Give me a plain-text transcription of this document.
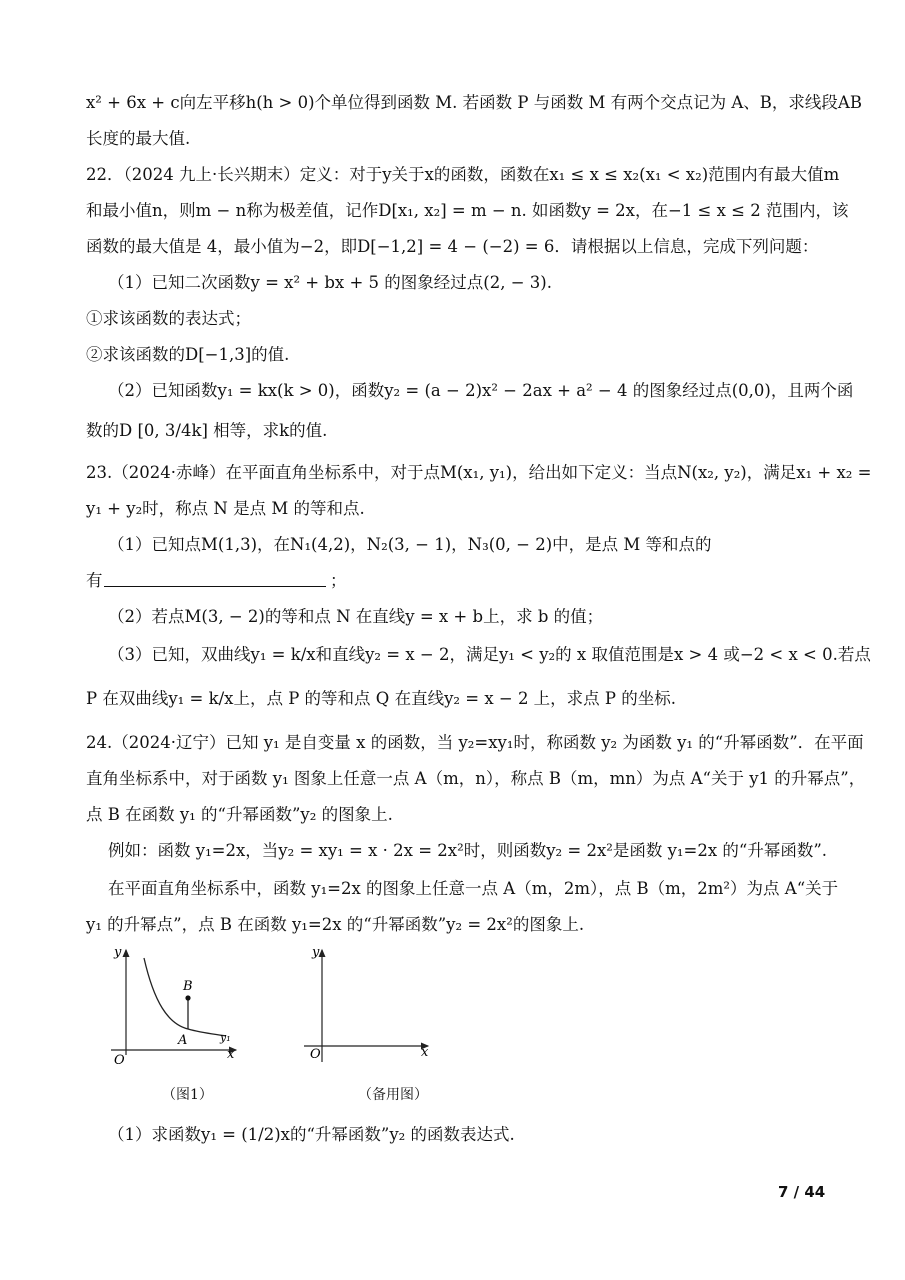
x² + 6x + c向左平移h(h > 0)个单位得到函数 M. 若函数 P 与函数 M 有两个交点记为 A、B，求线段AB
长度的最大值.
22．（2024 九上·长兴期末）定义：对于y关于x的函数，函数在x₁ ≤ x ≤ x₂(x₁ < x₂)范围内有最大值m
和最小值n，则m − n称为极差值，记作D[x₁, x₂] = m − n. 如函数y = 2x，在−1 ≤ x ≤ 2 范围内，该
函数的最大值是 4，最小值为−2，即D[−1,2] = 4 − (−2) = 6．请根据以上信息，完成下列问题：
（1）已知二次函数y = x² + bx + 5 的图象经过点(2, − 3).
①求该函数的表达式；
②求该函数的D[−1,3]的值.
（2）已知函数y₁ = kx(k > 0)，函数y₂ = (a − 2)x² − 2ax + a² − 4 的图象经过点(0,0)，且两个函
数的D [0, 3/4k] 相等，求k的值.
23.（2024·赤峰）在平面直角坐标系中，对于点M(x₁, y₁)，给出如下定义：当点N(x₂, y₂)，满足x₁ + x₂ =
y₁ + y₂时，称点 N 是点 M 的等和点.
（1）已知点M(1,3)，在N₁(4,2)，N₂(3, − 1)，N₃(0, − 2)中，是点 M 等和点的
有	；
（2）若点M(3, − 2)的等和点 N 在直线y = x + b上，求 b 的值；
（3）已知，双曲线y₁ = k/x和直线y₂ = x − 2，满足y₁ < y₂的 x 取值范围是x > 4 或−2 < x < 0.若点
P 在双曲线y₁ = k/x上，点 P 的等和点 Q 在直线y₂ = x − 2 上，求点 P 的坐标.
24.（2024·辽宁）已知 y₁ 是自变量 x 的函数，当 y₂=xy₁时，称函数 y₂ 为函数 y₁ 的“升幂函数”．在平面
直角坐标系中，对于函数 y₁ 图象上任意一点 A（m，n），称点 B（m，mn）为点 A“关于 y1 的升幂点”，
点 B 在函数 y₁ 的“升幂函数”y₂ 的图象上.
例如：函数 y₁=2x，当y₂ = xy₁ = x · 2x = 2x²时，则函数y₂ = 2x²是函数 y₁=2x 的“升幂函数”.
在平面直角坐标系中，函数 y₁=2x 的图象上任意一点 A（m，2m），点 B（m，2m²）为点 A“关于
y₁ 的升幂点”，点 B 在函数 y₁=2x 的“升幂函数”y₂ = 2x²的图象上.
B
A
y
x
O
y₁
（图1）
y
x
O
（备用图）
（1）求函数y₁ = (1/2)x的“升幂函数”y₂ 的函数表达式.
7 / 44
